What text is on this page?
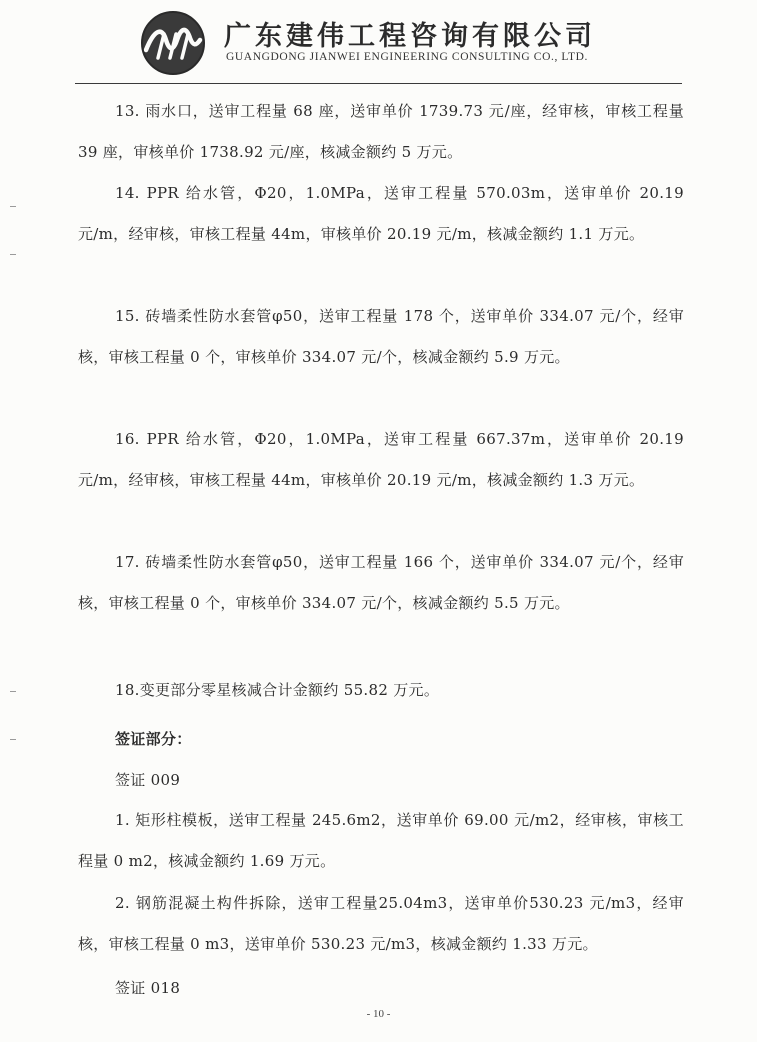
广东建伟工程咨询有限公司
GUANGDONG JIANWEI ENGINEERING CONSULTING CO., LTD.

13. 雨水口，送审工程量 68 座，送审单价 1739.73 元/座，经审核，审核工程量 39 座，审核单价 1738.92 元/座，核减金额约 5 万元。

14. PPR 给水管，Φ20，1.0MPa，送审工程量 570.03m，送审单价 20.19 元/m，经审核，审核工程量 44m，审核单价 20.19 元/m，核减金额约 1.1 万元。

15. 砖墙柔性防水套管φ50，送审工程量 178 个，送审单价 334.07 元/个，经审核，审核工程量 0 个，审核单价 334.07 元/个，核减金额约 5.9 万元。

16. PPR 给水管，Φ20，1.0MPa，送审工程量 667.37m，送审单价 20.19 元/m，经审核，审核工程量 44m，审核单价 20.19 元/m，核减金额约 1.3 万元。

17. 砖墙柔性防水套管φ50，送审工程量 166 个，送审单价 334.07 元/个，经审核，审核工程量 0 个，审核单价 334.07 元/个，核减金额约 5.5 万元。

18.变更部分零星核减合计金额约 55.82 万元。

签证部分：

签证 009

1. 矩形柱模板，送审工程量 245.6m2，送审单价 69.00 元/m2，经审核，审核工程量 0 m2，核减金额约 1.69 万元。

2. 钢筋混凝土构件拆除，送审工程量25.04m3，送审单价530.23 元/m3，经审核，审核工程量 0 m3，送审单价 530.23 元/m3，核减金额约 1.33 万元。

签证 018

- 10 -
